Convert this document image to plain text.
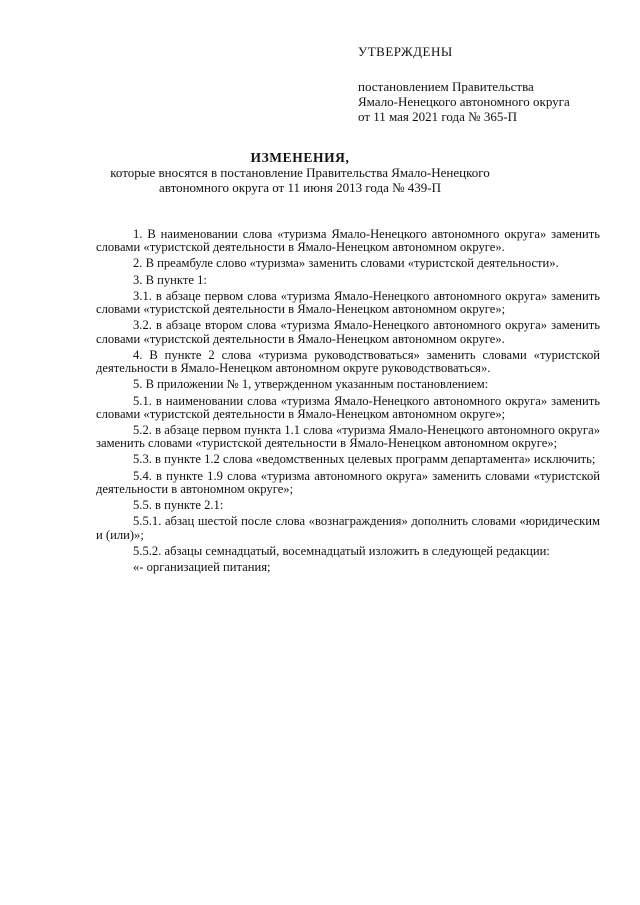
УТВЕРЖДЕНЫ
постановлением Правительства
Ямало-Ненецкого автономного округа
от 11 мая 2021 года № 365-П
ИЗМЕНЕНИЯ,
которые вносятся в постановление Правительства Ямало-Ненецкого
автономного округа от 11 июня 2013 года № 439-П

1. В наименовании слова «туризма Ямало-Ненецкого автономного округа» заменить словами «туристской деятельности в Ямало-Ненецком автономном округе».

2. В преамбуле слово «туризма» заменить словами «туристской деятельности».

3. В пункте 1:

3.1. в абзаце первом слова «туризма Ямало-Ненецкого автономного округа» заменить словами «туристской деятельности в Ямало-Ненецком автономном округе»;

3.2. в абзаце втором слова «туризма Ямало-Ненецкого автономного округа» заменить словами «туристской деятельности в Ямало-Ненецком автономном округе».

4. В пункте 2 слова «туризма руководствоваться» заменить словами «туристской деятельности в Ямало-Ненецком автономном округе руководствоваться».

5. В приложении № 1, утвержденном указанным постановлением:

5.1. в наименовании слова «туризма Ямало-Ненецкого автономного округа» заменить словами «туристской деятельности в Ямало-Ненецком автономном округе»;

5.2. в абзаце первом пункта 1.1 слова «туризма Ямало-Ненецкого автономного округа» заменить словами «туристской деятельности в Ямало-Ненецком автономном округе»;

5.3. в пункте 1.2 слова «ведомственных целевых программ департамента» исключить;

5.4. в пункте 1.9 слова «туризма автономного округа» заменить словами «туристской деятельности в автономном округе»;

5.5. в пункте 2.1:

5.5.1. абзац шестой после слова «вознаграждения» дополнить словами «юридическим и (или)»;

5.5.2. абзацы семнадцатый, восемнадцатый изложить в следующей редакции:

«- организацией питания;
